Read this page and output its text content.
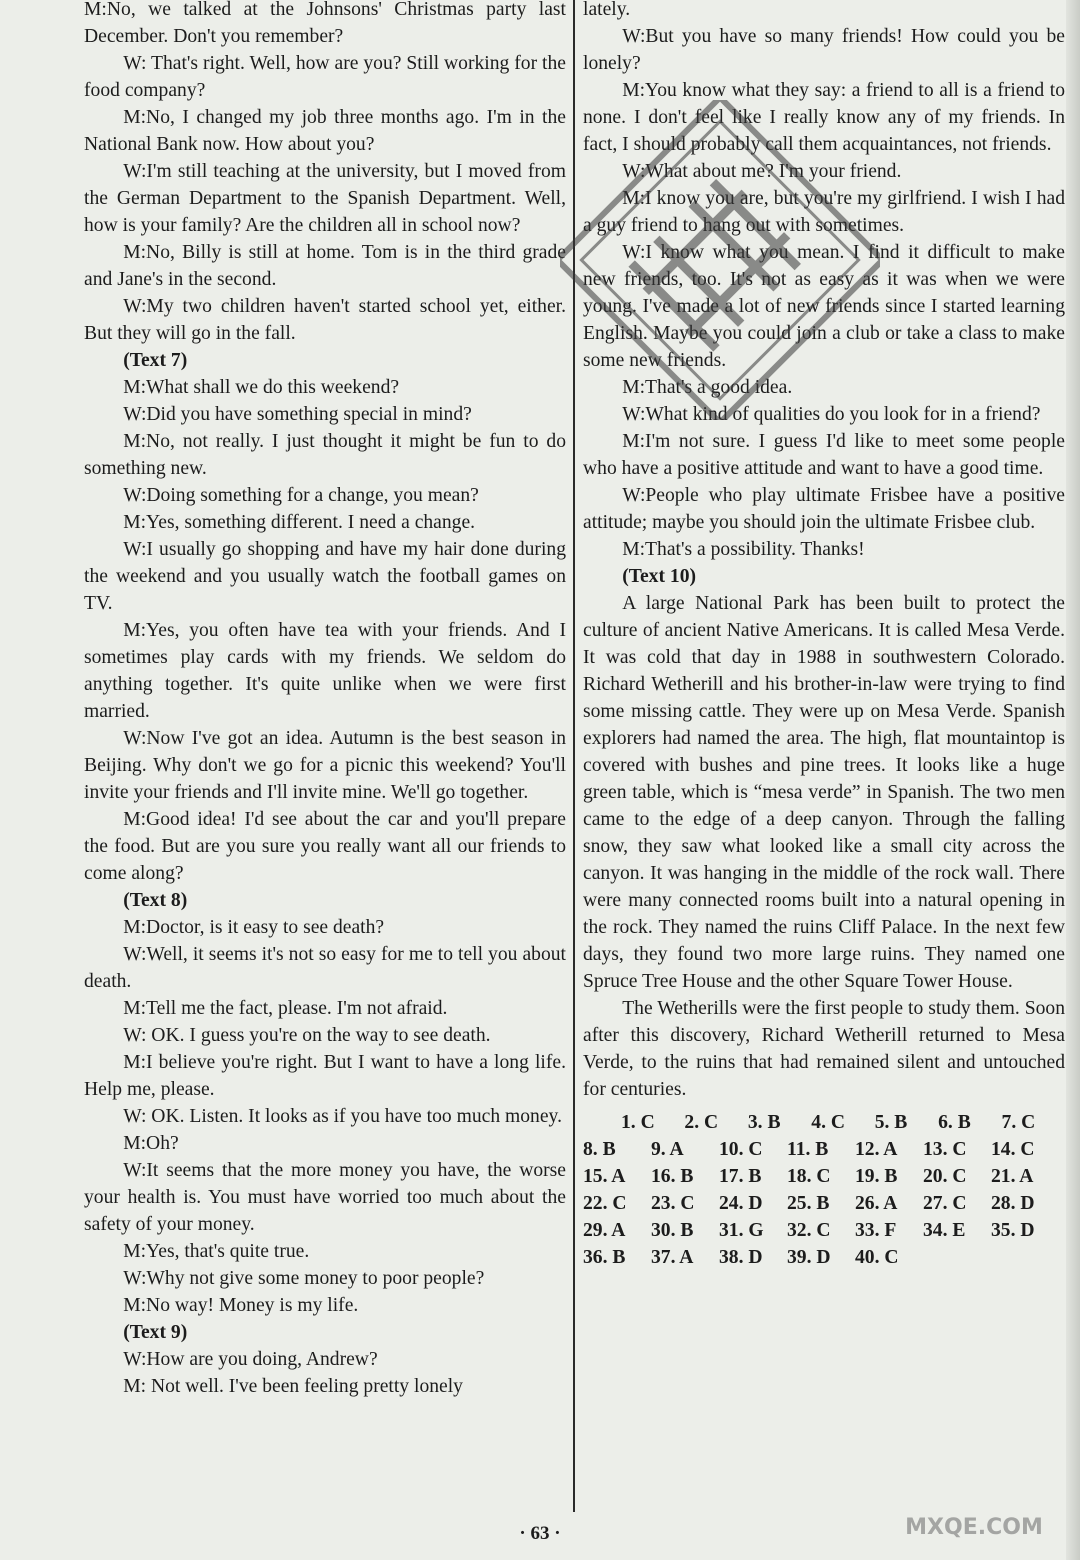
M:No, we talked at the Johnsons' Christmas party last December. Don't you remember?

W: That's right. Well, how are you? Still working for the food company?

M:No, I changed my job three months ago. I'm in the National Bank now. How about you?

W:I'm still teaching at the university, but I moved from the German Department to the Spanish Department. Well, how is your family? Are the children all in school now?

M:No, Billy is still at home. Tom is in the third grade and Jane's in the second.

W:My two children haven't started school yet, either. But they will go in the fall.

(Text 7)

M:What shall we do this weekend?

W:Did you have something special in mind?

M:No, not really. I just thought it might be fun to do something new.

W:Doing something for a change, you mean?

M:Yes, something different. I need a change.

W:I usually go shopping and have my hair done during the weekend and you usually watch the football games on TV.

M:Yes, you often have tea with your friends. And I sometimes play cards with my friends. We seldom do anything together. It's quite unlike when we were first married.

W:Now I've got an idea. Autumn is the best season in Beijing. Why don't we go for a picnic this weekend? You'll invite your friends and I'll invite mine. We'll go together.

M:Good idea! I'd see about the car and you'll prepare the food. But are you sure you really want all our friends to come along?

(Text 8)

M:Doctor, is it easy to see death?

W:Well, it seems it's not so easy for me to tell you about death.

M:Tell me the fact, please. I'm not afraid.

W: OK. I guess you're on the way to see death.

M:I believe you're right. But I want to have a long life. Help me, please.

W: OK. Listen. It looks as if you have too much money.

M:Oh?

W:It seems that the more money you have, the worse your health is. You must have worried too much about the safety of your money.

M:Yes, that's quite true.

W:Why not give some money to poor people?

M:No way! Money is my life.

(Text 9)

W:How are you doing, Andrew?

M: Not well. I've been feeling pretty lonely

lately.

W:But you have so many friends! How could you be lonely?

M:You know what they say: a friend to all is a friend to none. I don't feel like I really know any of my friends. In fact, I should probably call them acquaintances, not friends.

W:What about me? I'm your friend.

M:I know you are, but you're my girlfriend. I wish I had a guy friend to hang out with sometimes.

W:I know what you mean. I find it difficult to make new friends, too. It's not as easy as it was when we were young. I've made a lot of new friends since I started learning English. Maybe you could join a club or take a class to make some new friends.

M:That's a good idea.

W:What kind of qualities do you look for in a friend?

M:I'm not sure. I guess I'd like to meet some people who have a positive attitude and want to have a good time.

W:People who play ultimate Frisbee have a positive attitude; maybe you should join the ultimate Frisbee club.

M:That's a possibility. Thanks!

(Text 10)

A large National Park has been built to protect the culture of ancient Native Americans. It is called Mesa Verde. It was cold that day in 1988 in southwestern Colorado. Richard Wetherill and his brother-in-law were trying to find some missing cattle. They were up on Mesa Verde. Spanish explorers had named the area. The high, flat mountaintop is covered with bushes and pine trees. It looks like a huge green table, which is “mesa verde” in Spanish. The two men came to the edge of a deep canyon. Through the falling snow, they saw what looked like a small city across the canyon. It was hanging in the middle of the rock wall. There were many connected rooms built into a natural opening in the rock. They named the ruins Cliff Palace. In the next few days, they found two more large ruins. They named one Spruce Tree House and the other Square Tower House.

The Wetherills were the first people to study them. Soon after this discovery, Richard Wetherill returned to Mesa Verde, to the ruins that had remained silent and untouched for centuries.

1. C	2. C	3. B	4. C	5. B	6. B	7. C
8. B	9. A	10. C	11. B	12. A	13. C	14. C
15. A	16. B	17. B	18. C	19. B	20. C	21. A
22. C	23. C	24. D	25. B	26. A	27. C	28. D
29. A	30. B	31. G	32. C	33. F	34. E	35. D
36. B	37. A	38. D	39. D	40. C
· 63 ·	MXQE.COM
